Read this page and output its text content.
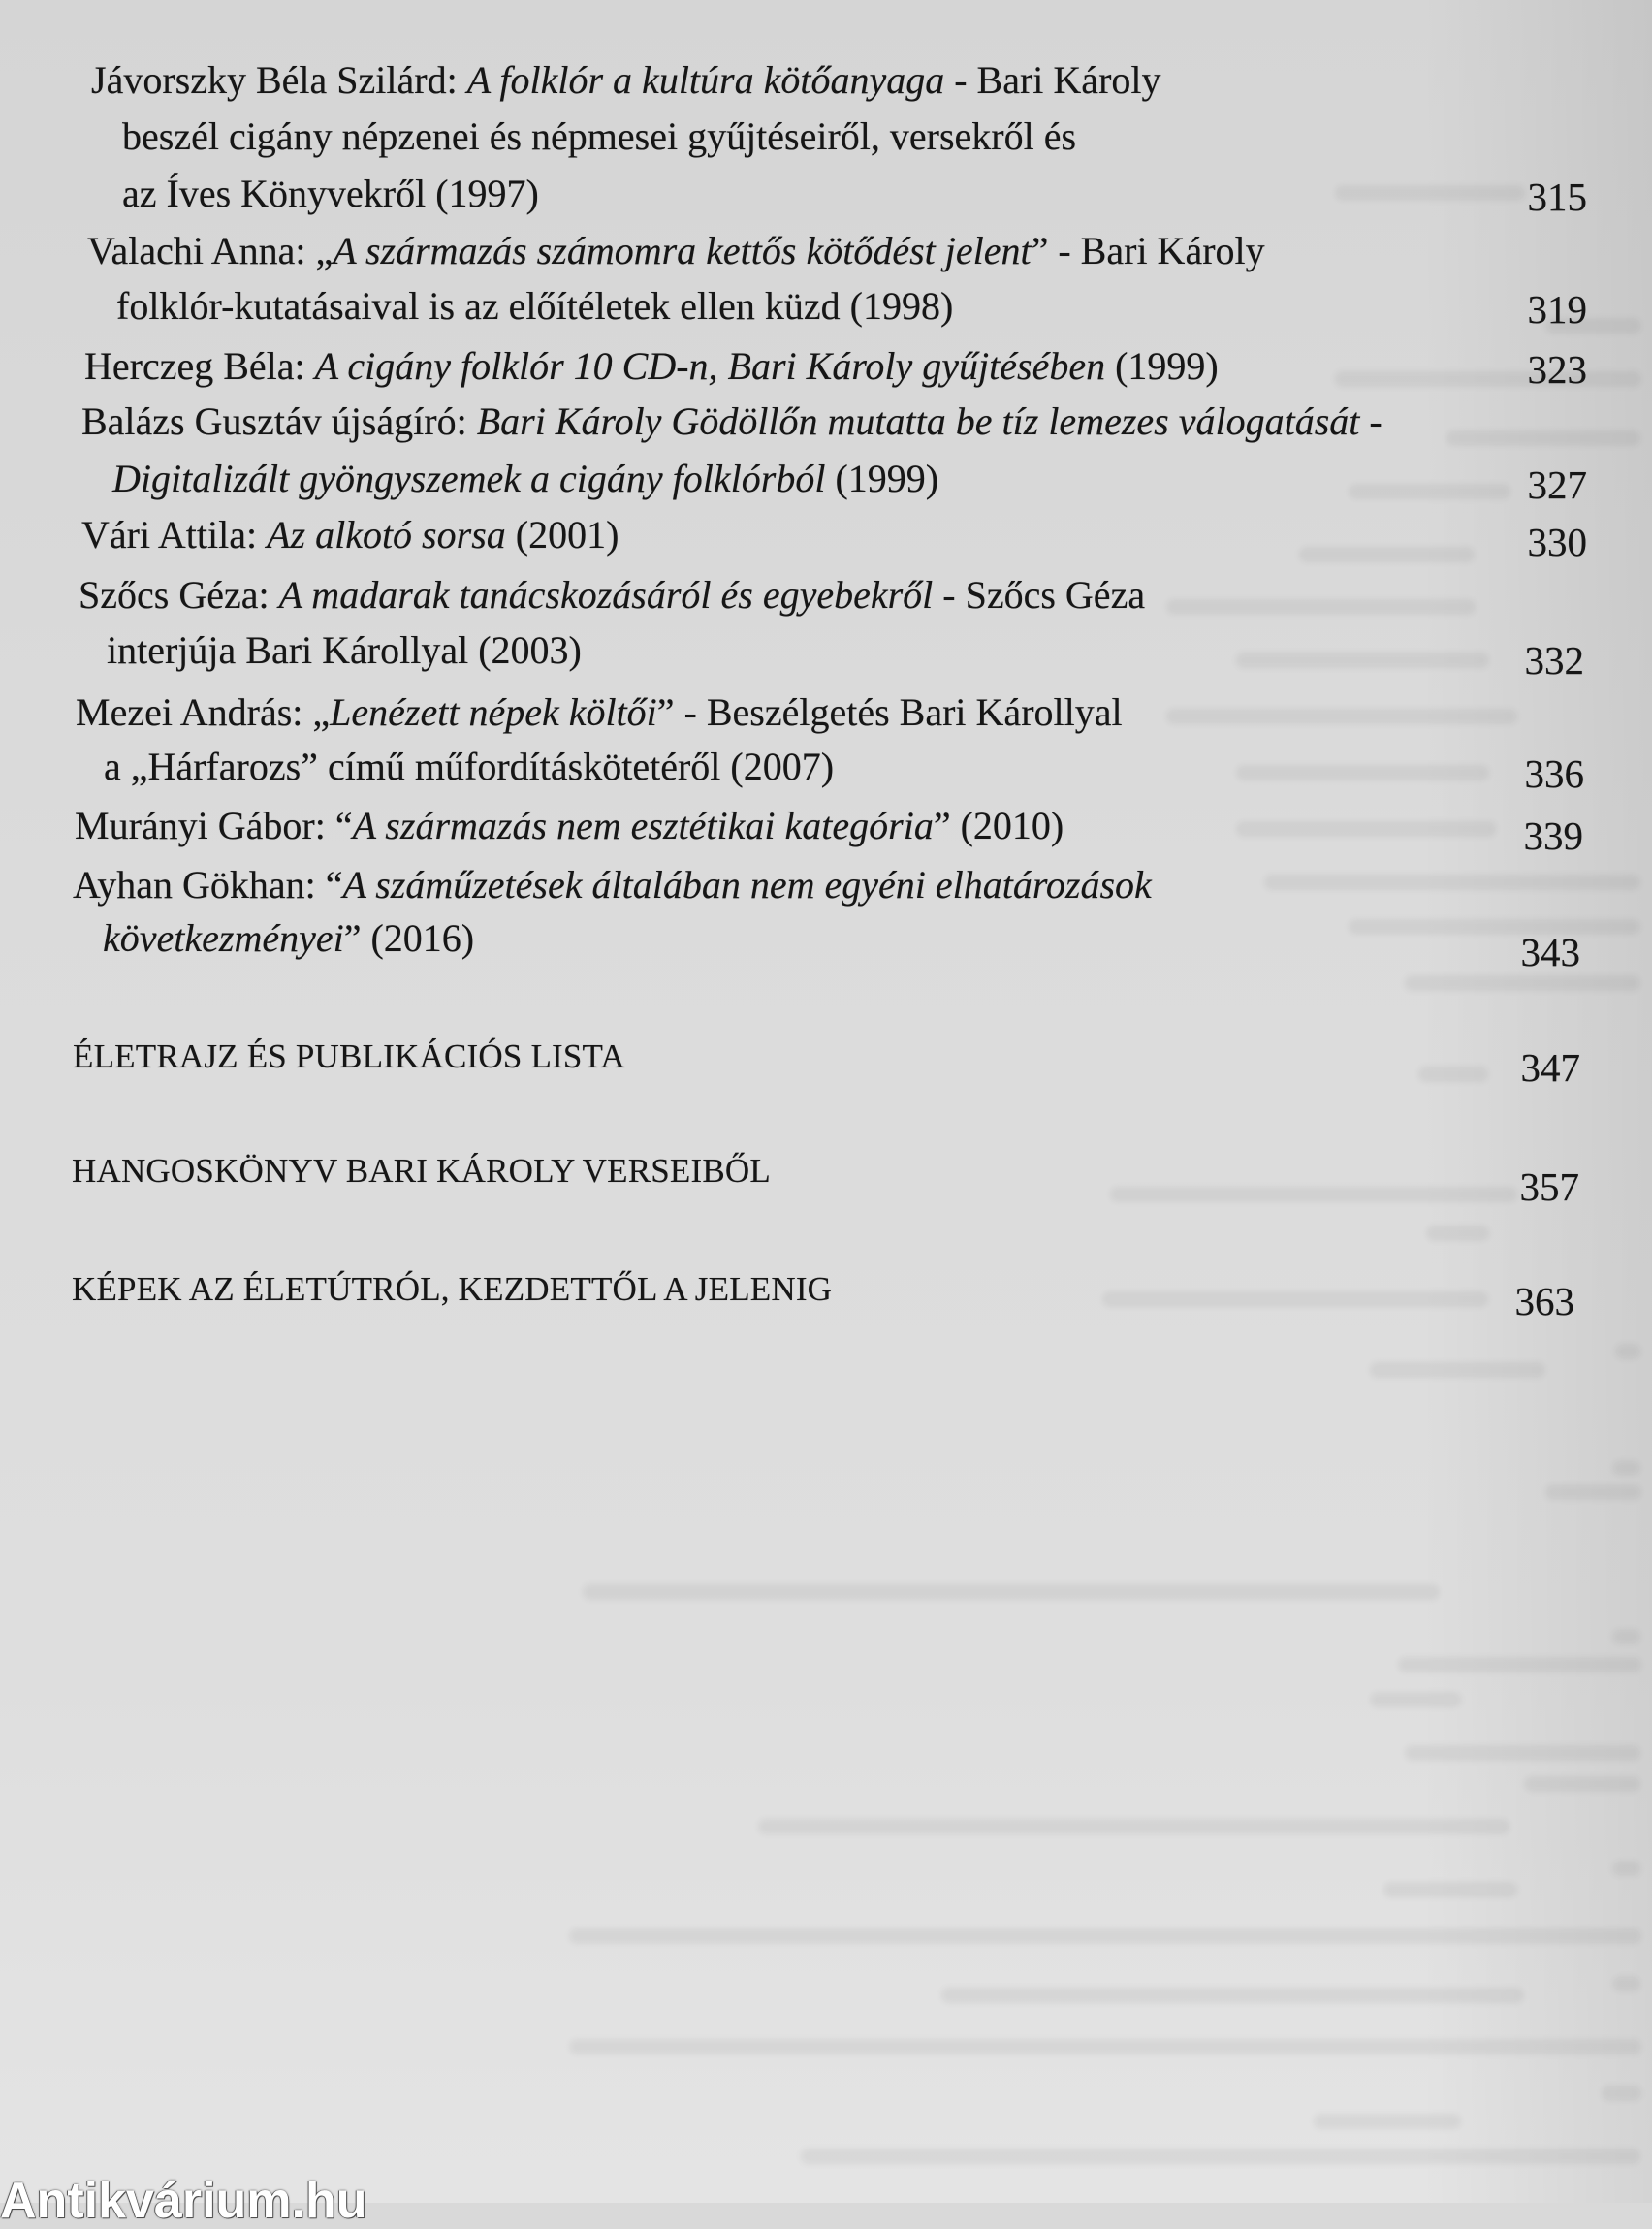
Jávorszky Béla Szilárd: A folklór a kultúra kötőanyaga - Bari Károly
beszél cigány népzenei és népmesei gyűjtéseiről, versekről és
az Íves Könyvekről (1997)	315
Valachi Anna: „A származás számomra kettős kötődést jelent” - Bari Károly
folklór-kutatásaival is az előítéletek ellen küzd (1998)	319
Herczeg Béla: A cigány folklór 10 CD-n, Bari Károly gyűjtésében (1999)	323
Balázs Gusztáv újságíró: Bari Károly Gödöllőn mutatta be tíz lemezes válogatását -
Digitalizált gyöngyszemek a cigány folklórból (1999)	327
Vári Attila: Az alkotó sorsa (2001)	330
Szőcs Géza: A madarak tanácskozásáról és egyebekről - Szőcs Géza
interjúja Bari Károllyal (2003)	332
Mezei András: „Lenézett népek költői” - Beszélgetés Bari Károllyal
a „Hárfarozs” című műfordításkötetéről (2007)	336
Murányi Gábor: “A származás nem esztétikai kategória” (2010)	339
Ayhan Gökhan: “A száműzetések általában nem egyéni elhatározások
következményei” (2016)	343
ÉLETRAJZ ÉS PUBLIKÁCIÓS LISTA	347
HANGOSKÖNYV BARI KÁROLY VERSEIBŐL	357
KÉPEK AZ ÉLETÚTRÓL, KEZDETTŐL A JELENIG	363
Antikvárium.hu
